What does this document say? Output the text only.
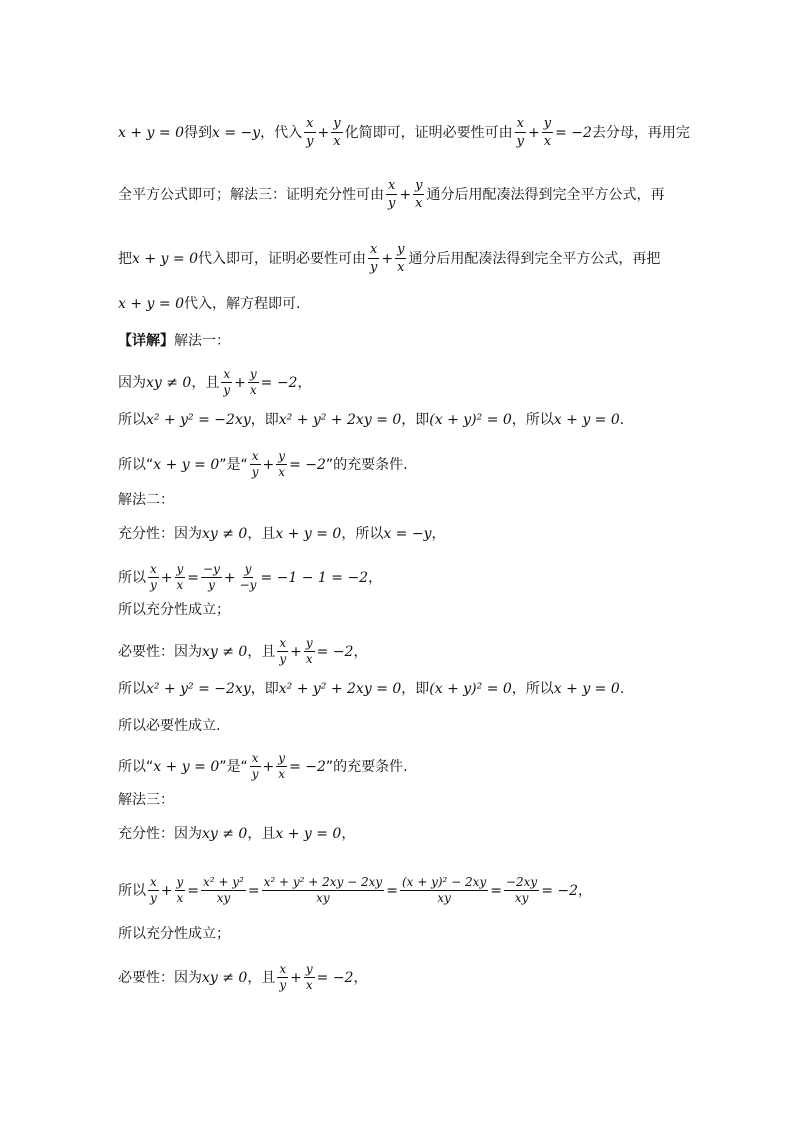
x + y = 0 得到 x = −y ，代入 $\frac{x}{y} + \frac{y}{x}$ 化简即可，证明必要性可由 $\frac{x}{y} + \frac{y}{x} = -2$ 去分母，再用完
全平方公式即可；解法三：证明充分性可由 $\frac{x}{y} + \frac{y}{x}$ 通分后用配凑法得到完全平方公式，再
把 x + y = 0 代入即可，证明必要性可由 $\frac{x}{y} + \frac{y}{x}$ 通分后用配凑法得到完全平方公式，再把
x + y = 0 代入，解方程即可.
【详解】 解法一：
因为 xy ≠ 0 ，且 $\frac{x}{y} + \frac{y}{x} = -2$ ，
所以 x² + y² = −2xy ，即 x² + y² + 2xy = 0 ，即 (x + y)² = 0 ，所以 x + y = 0 .
所以“ x + y = 0 ”是“ $\frac{x}{y} + \frac{y}{x} = -2$ ”的充要条件.
解法二：
充分性：因为 xy ≠ 0 ，且 x + y = 0 ，所以 x = −y ，
所以 $\frac{x}{y} + \frac{y}{x} = \frac{-y}{y} + \frac{y}{-y} = -1 - 1 = -2$ ，
所以充分性成立；
必要性：因为 xy ≠ 0 ，且 $\frac{x}{y} + \frac{y}{x} = -2$ ，
所以 x² + y² = −2xy ，即 x² + y² + 2xy = 0 ，即 (x + y)² = 0 ，所以 x + y = 0 .
所以必要性成立.
所以“ x + y = 0 ”是“ $\frac{x}{y} + \frac{y}{x} = -2$ ”的充要条件.
解法三：
充分性：因为 xy ≠ 0 ，且 x + y = 0 ，
所以 $\frac{x}{y} + \frac{y}{x} = \frac{\text{x² + y²}}{xy} = \frac{\text{x² + y² + 2xy − 2xy}}{xy} = \frac{\text{(x + y)² − 2xy}}{xy} = \frac{-2xy}{xy} = -2$ ，
所以充分性成立；
必要性：因为 xy ≠ 0 ，且 $\frac{x}{y} + \frac{y}{x} = -2$ ，
